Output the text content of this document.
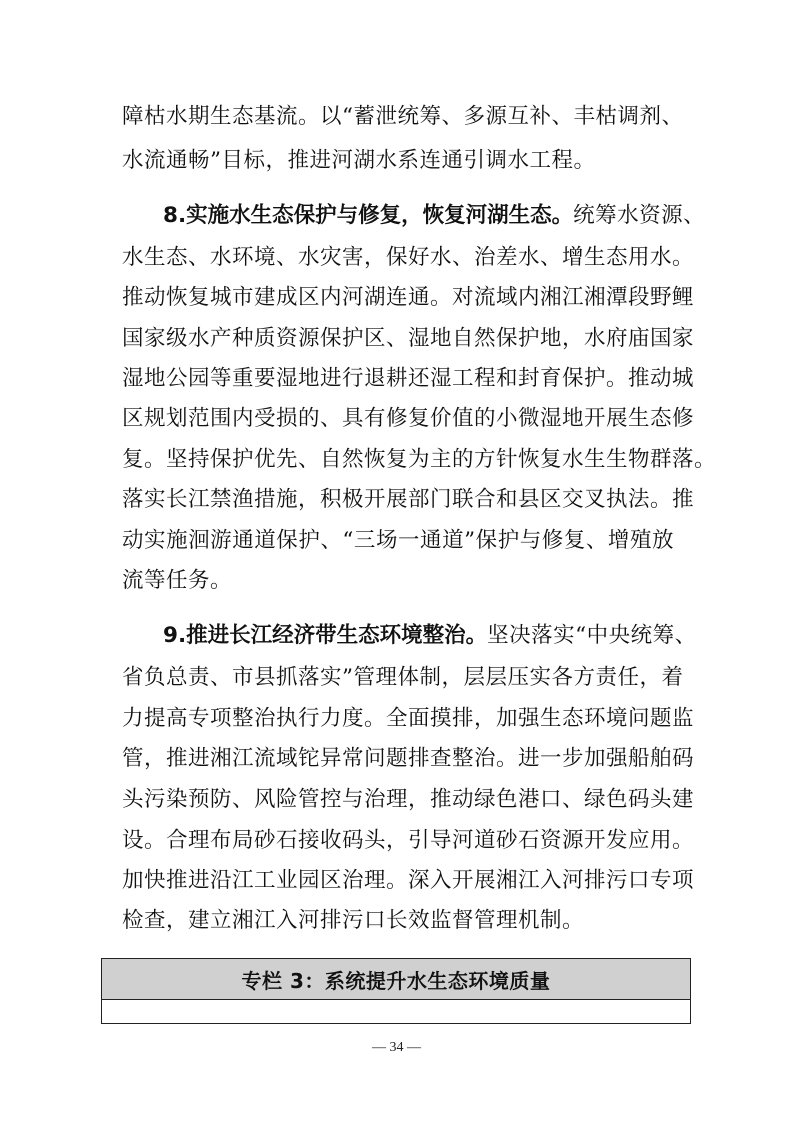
障枯水期生态基流。以“蓄泄统筹、多源互补、丰枯调剂、
水流通畅”目标，推进河湖水系连通引调水工程。
8.实施水生态保护与修复，恢复河湖生态。统筹水资源、
水生态、水环境、水灾害，保好水、治差水、增生态用水。
推动恢复城市建成区内河湖连通。对流域内湘江湘潭段野鲤
国家级水产种质资源保护区、湿地自然保护地，水府庙国家
湿地公园等重要湿地进行退耕还湿工程和封育保护。推动城
区规划范围内受损的、具有修复价值的小微湿地开展生态修
复。坚持保护优先、自然恢复为主的方针恢复水生生物群落。
落实长江禁渔措施，积极开展部门联合和县区交叉执法。推
动实施洄游通道保护、“三场一通道”保护与修复、增殖放
流等任务。
9.推进长江经济带生态环境整治。坚决落实“中央统筹、
省负总责、市县抓落实”管理体制，层层压实各方责任，着
力提高专项整治执行力度。全面摸排，加强生态环境问题监
管，推进湘江流域铊异常问题排查整治。进一步加强船舶码
头污染预防、风险管控与治理，推动绿色港口、绿色码头建
设。合理布局砂石接收码头，引导河道砂石资源开发应用。
加快推进沿江工业园区治理。深入开展湘江入河排污口专项
检查，建立湘江入河排污口长效监督管理机制。
专栏 3：系统提升水生态环境质量
— 34 —
